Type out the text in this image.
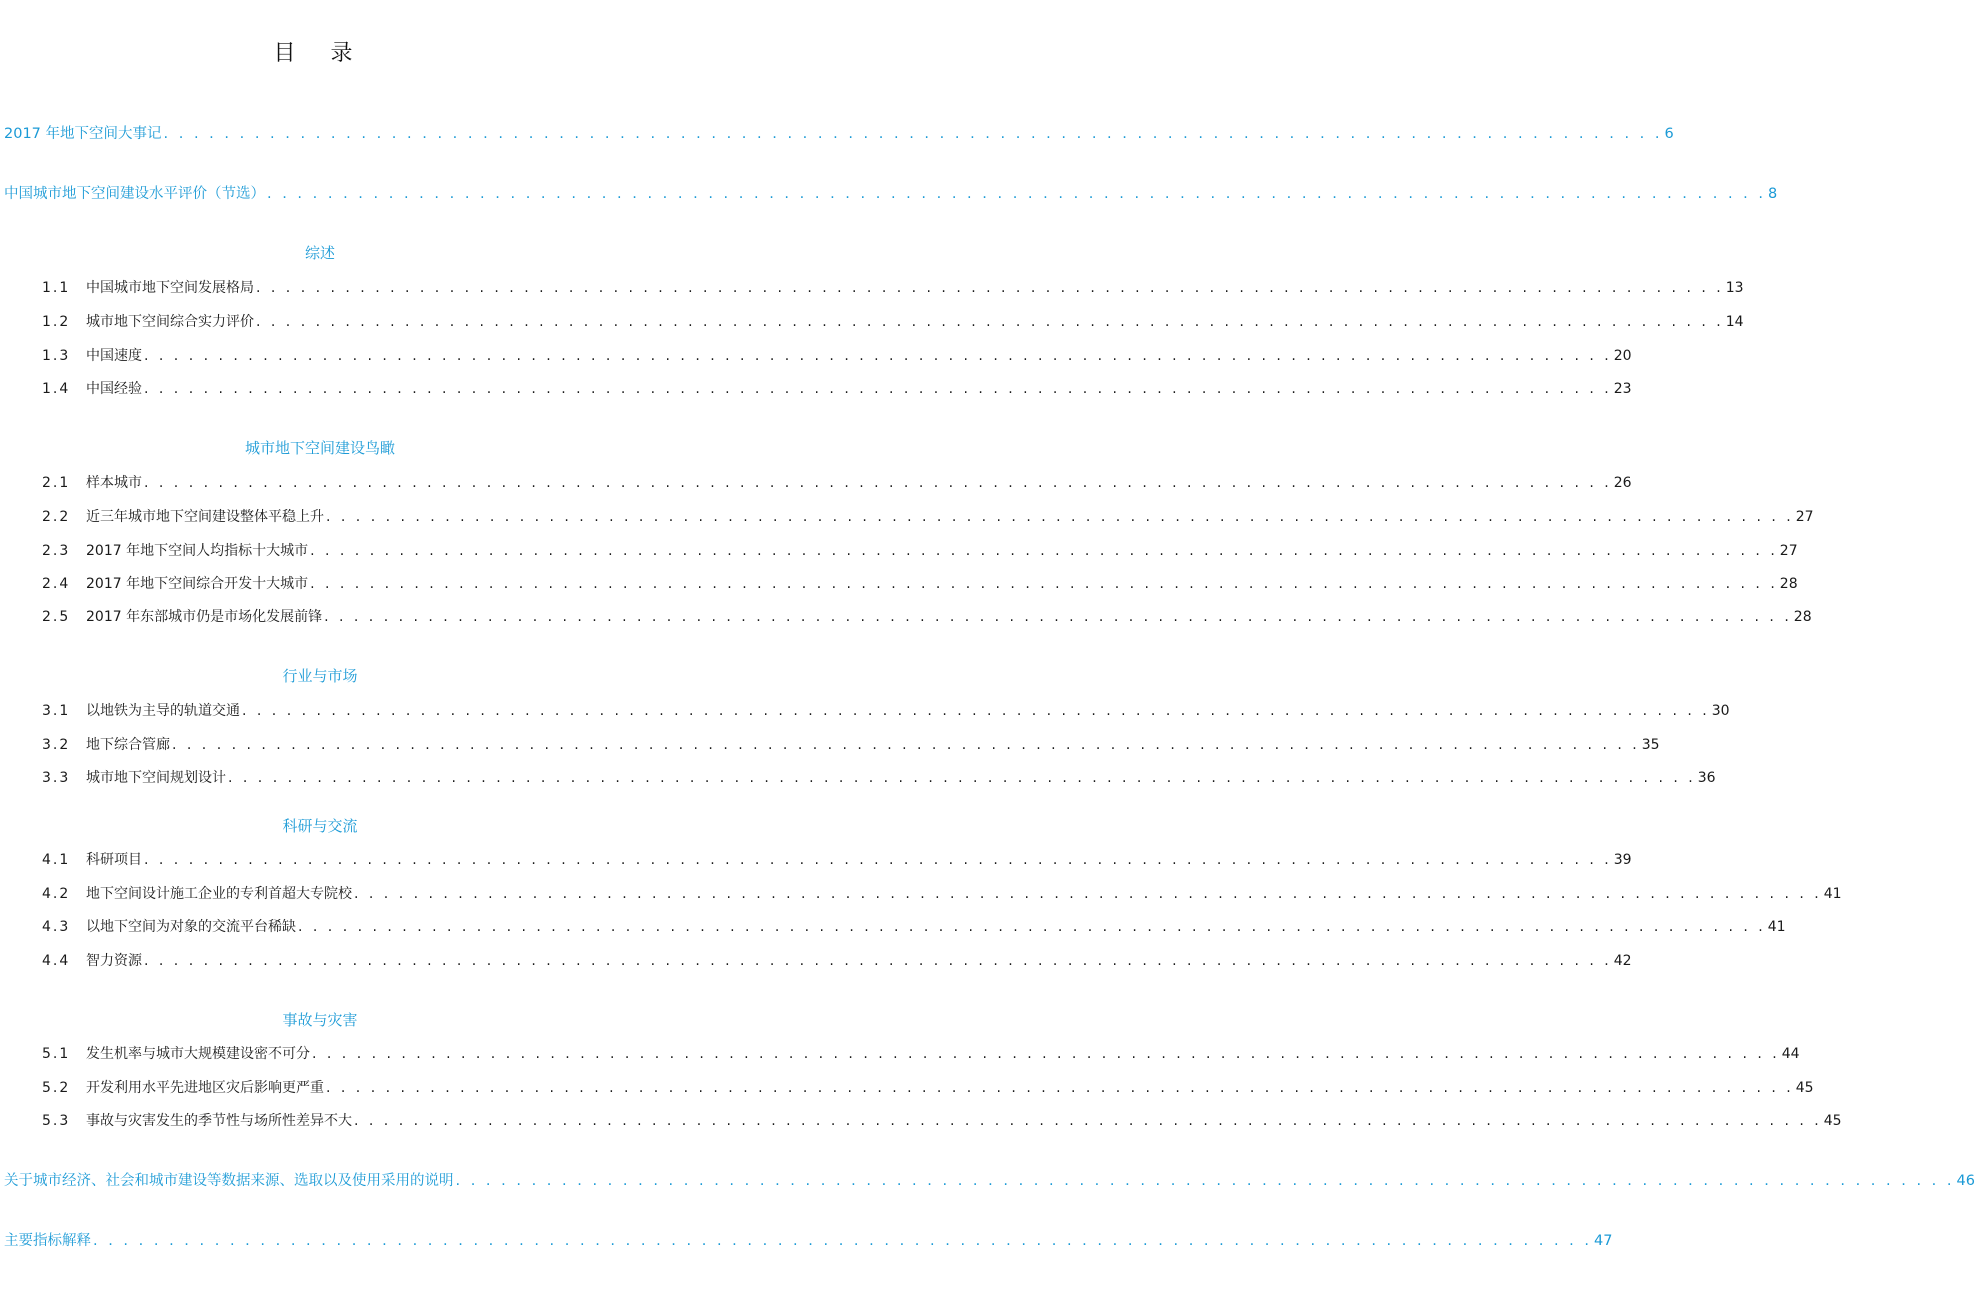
目 录
2017 年地下空间大事记 . . . . . . . . . . . . . . . . . . . . . . . . . . . . . . . . . . . . . . . . . . . . . . . . . . . . . . . . . . . . . . . . . . . . . . . . . . . . . . . . . . . . . . . . . . . . . . . . . . . 6
中国城市地下空间建设水平评价（节选） . . . . . . . . . . . . . . . . . . . . . . . . . . . . . . . . . . . . . . . . . . . . . . . . . . . . . . . . . . . . . . . . . . . . . . . . . . . . . . . . . . . . . . . . . . . . . . . . . . . 8
综述
1.1	中国城市地下空间发展格局 . . . . . . . . . . . . . . . . . . . . . . . . . . . . . . . . . . . . . . . . . . . . . . . . . . . . . . . . . . . . . . . . . . . . . . . . . . . . . . . . . . . . . . . . . . . . . . . . . . . 13
1.2	城市地下空间综合实力评价 . . . . . . . . . . . . . . . . . . . . . . . . . . . . . . . . . . . . . . . . . . . . . . . . . . . . . . . . . . . . . . . . . . . . . . . . . . . . . . . . . . . . . . . . . . . . . . . . . . . 14
1.3	中国速度 . . . . . . . . . . . . . . . . . . . . . . . . . . . . . . . . . . . . . . . . . . . . . . . . . . . . . . . . . . . . . . . . . . . . . . . . . . . . . . . . . . . . . . . . . . . . . . . . . . . 20
1.4	中国经验 . . . . . . . . . . . . . . . . . . . . . . . . . . . . . . . . . . . . . . . . . . . . . . . . . . . . . . . . . . . . . . . . . . . . . . . . . . . . . . . . . . . . . . . . . . . . . . . . . . . 23
城市地下空间建设鸟瞰
2.1	样本城市 . . . . . . . . . . . . . . . . . . . . . . . . . . . . . . . . . . . . . . . . . . . . . . . . . . . . . . . . . . . . . . . . . . . . . . . . . . . . . . . . . . . . . . . . . . . . . . . . . . . 26
2.2	近三年城市地下空间建设整体平稳上升 . . . . . . . . . . . . . . . . . . . . . . . . . . . . . . . . . . . . . . . . . . . . . . . . . . . . . . . . . . . . . . . . . . . . . . . . . . . . . . . . . . . . . . . . . . . . . . . . . . . 27
2.3	2017 年地下空间人均指标十大城市 . . . . . . . . . . . . . . . . . . . . . . . . . . . . . . . . . . . . . . . . . . . . . . . . . . . . . . . . . . . . . . . . . . . . . . . . . . . . . . . . . . . . . . . . . . . . . . . . . . . 27
2.4	2017 年地下空间综合开发十大城市 . . . . . . . . . . . . . . . . . . . . . . . . . . . . . . . . . . . . . . . . . . . . . . . . . . . . . . . . . . . . . . . . . . . . . . . . . . . . . . . . . . . . . . . . . . . . . . . . . . . 28
2.5	2017 年东部城市仍是市场化发展前锋 . . . . . . . . . . . . . . . . . . . . . . . . . . . . . . . . . . . . . . . . . . . . . . . . . . . . . . . . . . . . . . . . . . . . . . . . . . . . . . . . . . . . . . . . . . . . . . . . . . . 28
行业与市场
3.1	以地铁为主导的轨道交通 . . . . . . . . . . . . . . . . . . . . . . . . . . . . . . . . . . . . . . . . . . . . . . . . . . . . . . . . . . . . . . . . . . . . . . . . . . . . . . . . . . . . . . . . . . . . . . . . . . . 30
3.2	地下综合管廊 . . . . . . . . . . . . . . . . . . . . . . . . . . . . . . . . . . . . . . . . . . . . . . . . . . . . . . . . . . . . . . . . . . . . . . . . . . . . . . . . . . . . . . . . . . . . . . . . . . . 35
3.3	城市地下空间规划设计 . . . . . . . . . . . . . . . . . . . . . . . . . . . . . . . . . . . . . . . . . . . . . . . . . . . . . . . . . . . . . . . . . . . . . . . . . . . . . . . . . . . . . . . . . . . . . . . . . . . 36
科研与交流
4.1	科研项目 . . . . . . . . . . . . . . . . . . . . . . . . . . . . . . . . . . . . . . . . . . . . . . . . . . . . . . . . . . . . . . . . . . . . . . . . . . . . . . . . . . . . . . . . . . . . . . . . . . . 39
4.2	地下空间设计施工企业的专利首超大专院校 . . . . . . . . . . . . . . . . . . . . . . . . . . . . . . . . . . . . . . . . . . . . . . . . . . . . . . . . . . . . . . . . . . . . . . . . . . . . . . . . . . . . . . . . . . . . . . . . . . . 41
4.3	以地下空间为对象的交流平台稀缺 . . . . . . . . . . . . . . . . . . . . . . . . . . . . . . . . . . . . . . . . . . . . . . . . . . . . . . . . . . . . . . . . . . . . . . . . . . . . . . . . . . . . . . . . . . . . . . . . . . . 41
4.4	智力资源 . . . . . . . . . . . . . . . . . . . . . . . . . . . . . . . . . . . . . . . . . . . . . . . . . . . . . . . . . . . . . . . . . . . . . . . . . . . . . . . . . . . . . . . . . . . . . . . . . . . 42
事故与灾害
5.1	发生机率与城市大规模建设密不可分 . . . . . . . . . . . . . . . . . . . . . . . . . . . . . . . . . . . . . . . . . . . . . . . . . . . . . . . . . . . . . . . . . . . . . . . . . . . . . . . . . . . . . . . . . . . . . . . . . . . 44
5.2	开发利用水平先进地区灾后影响更严重 . . . . . . . . . . . . . . . . . . . . . . . . . . . . . . . . . . . . . . . . . . . . . . . . . . . . . . . . . . . . . . . . . . . . . . . . . . . . . . . . . . . . . . . . . . . . . . . . . . . 45
5.3	事故与灾害发生的季节性与场所性差异不大 . . . . . . . . . . . . . . . . . . . . . . . . . . . . . . . . . . . . . . . . . . . . . . . . . . . . . . . . . . . . . . . . . . . . . . . . . . . . . . . . . . . . . . . . . . . . . . . . . . . 45
关于城市经济、社会和城市建设等数据来源、选取以及使用采用的说明 . . . . . . . . . . . . . . . . . . . . . . . . . . . . . . . . . . . . . . . . . . . . . . . . . . . . . . . . . . . . . . . . . . . . . . . . . . . . . . . . . . . . . . . . . . . . . . . . . . . 46
主要指标解释 . . . . . . . . . . . . . . . . . . . . . . . . . . . . . . . . . . . . . . . . . . . . . . . . . . . . . . . . . . . . . . . . . . . . . . . . . . . . . . . . . . . . . . . . . . . . . . . . . . . 47
